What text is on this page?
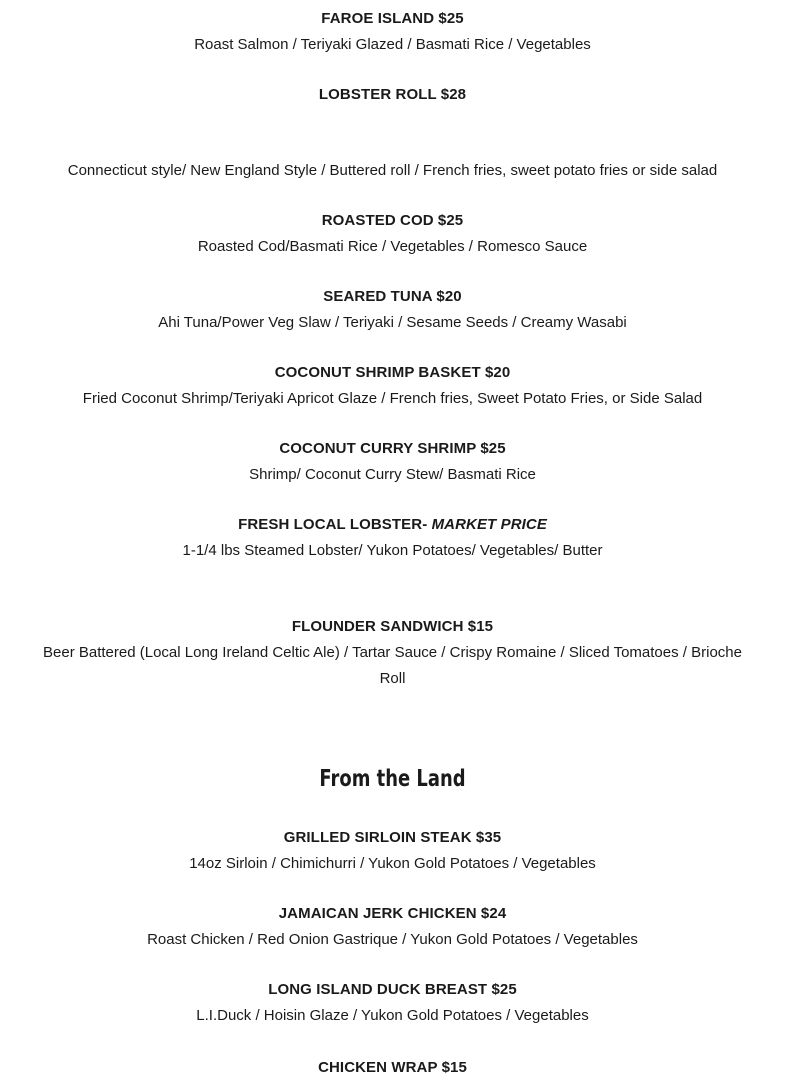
FAROE ISLAND $25

Roast Salmon / Teriyaki Glazed / Basmati Rice / Vegetables

LOBSTER ROLL $28

Connecticut style/ New England Style / Buttered roll / French fries, sweet potato fries or side salad

ROASTED COD $25

Roasted Cod/Basmati Rice / Vegetables / Romesco Sauce

SEARED TUNA $20

Ahi Tuna/Power Veg Slaw / Teriyaki / Sesame Seeds / Creamy Wasabi

COCONUT SHRIMP BASKET $20

Fried Coconut Shrimp/Teriyaki Apricot Glaze / French fries, Sweet Potato Fries, or Side Salad

COCONUT CURRY SHRIMP $25

Shrimp/ Coconut Curry Stew/ Basmati Rice

FRESH LOCAL LOBSTER- MARKET PRICE

1-1/4 lbs Steamed Lobster/ Yukon Potatoes/ Vegetables/ Butter

FLOUNDER SANDWICH $15

Beer Battered (Local Long Ireland Celtic Ale) / Tartar Sauce / Crispy Romaine / Sliced Tomatoes / Brioche Roll

From the Land

GRILLED SIRLOIN STEAK $35

14oz Sirloin / Chimichurri / Yukon Gold Potatoes / Vegetables

JAMAICAN JERK CHICKEN $24

Roast Chicken / Red Onion Gastrique / Yukon Gold Potatoes / Vegetables

LONG ISLAND DUCK BREAST $25

L.I.Duck / Hoisin Glaze / Yukon Gold Potatoes / Vegetables

CHICKEN WRAP $15
